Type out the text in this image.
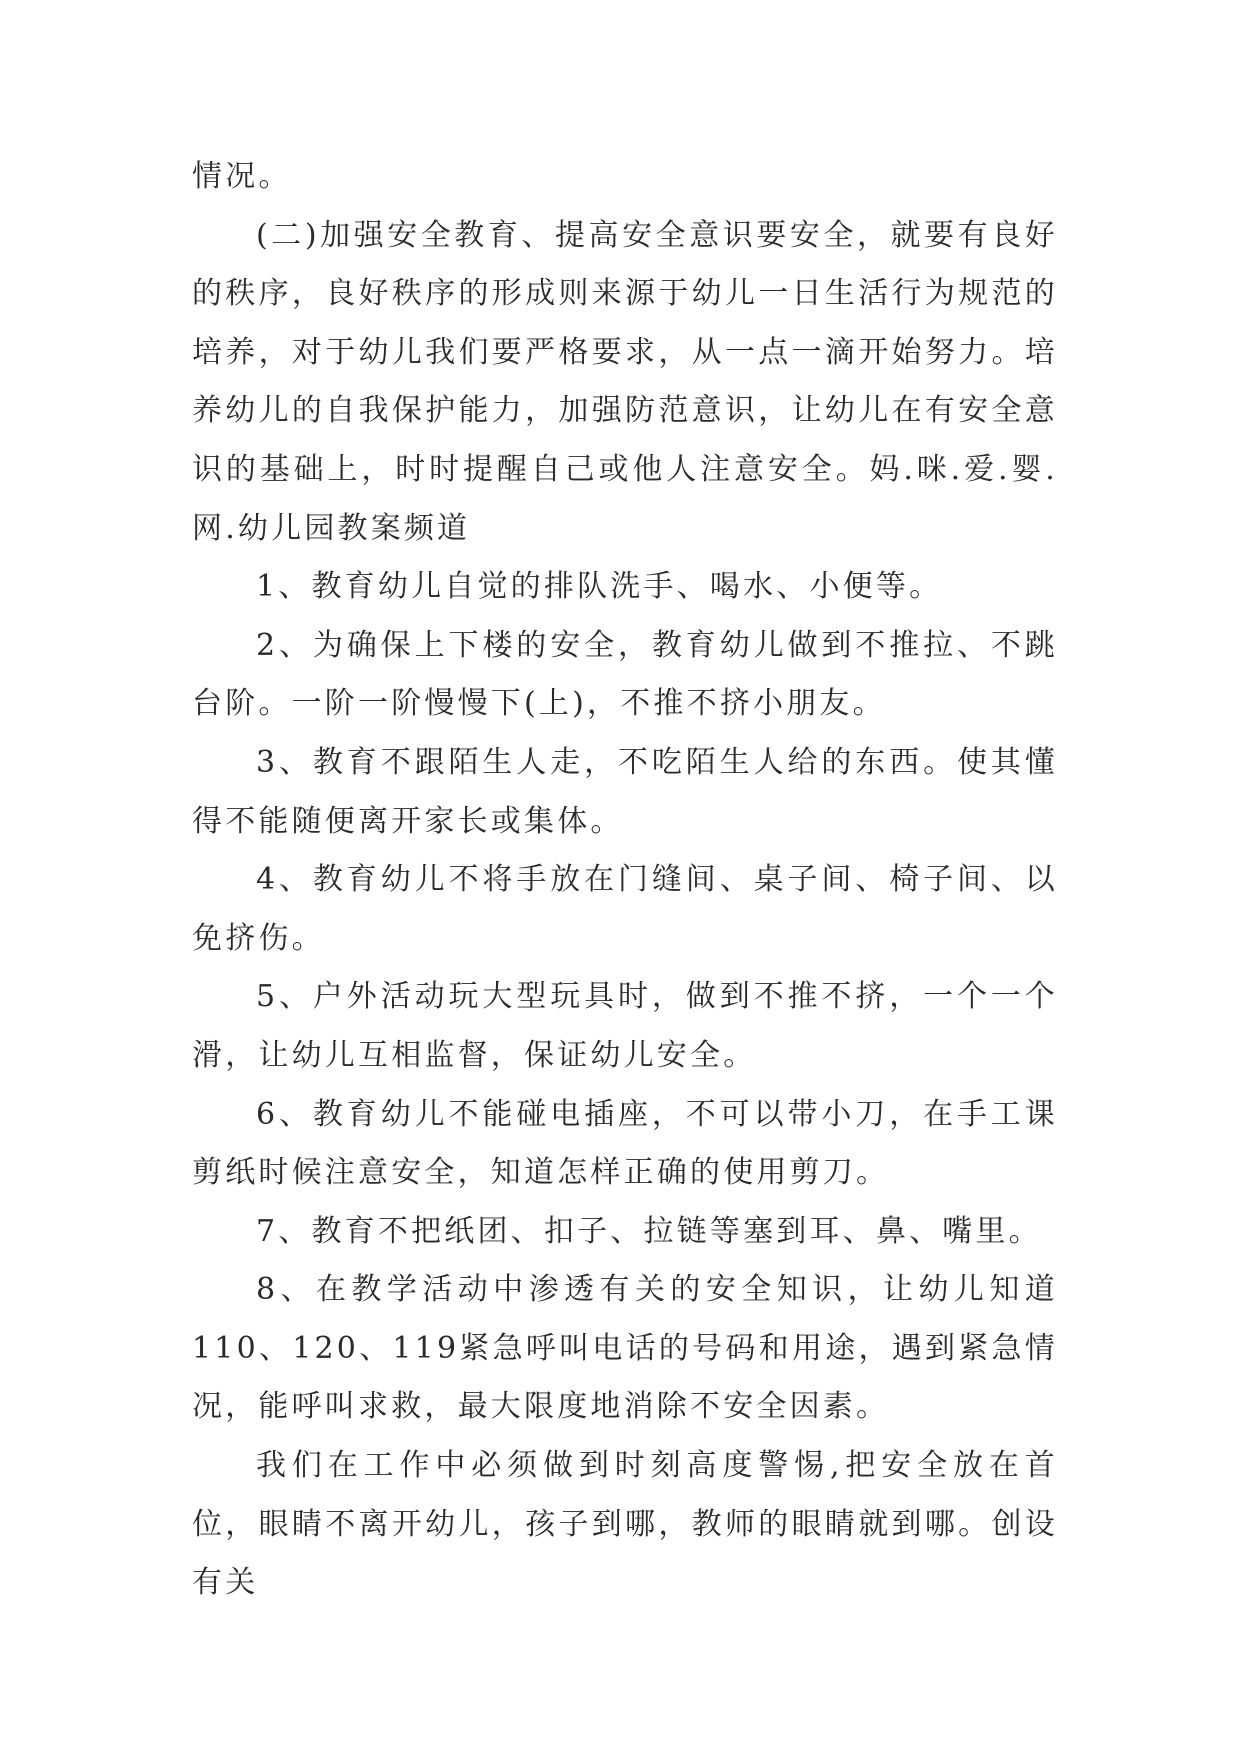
情况。

(二)加强安全教育、提高安全意识要安全，就要有良好的秩序，良好秩序的形成则来源于幼儿一日生活行为规范的培养，对于幼儿我们要严格要求，从一点一滴开始努力。培养幼儿的自我保护能力，加强防范意识，让幼儿在有安全意识的基础上，时时提醒自己或他人注意安全。妈.咪.爱.婴.网.幼儿园教案频道

1、教育幼儿自觉的排队洗手、喝水、小便等。

2、为确保上下楼的安全，教育幼儿做到不推拉、不跳台阶。一阶一阶慢慢下(上)，不推不挤小朋友。

3、教育不跟陌生人走，不吃陌生人给的东西。使其懂得不能随便离开家长或集体。

4、教育幼儿不将手放在门缝间、桌子间、椅子间、以免挤伤。

5、户外活动玩大型玩具时，做到不推不挤，一个一个滑，让幼儿互相监督，保证幼儿安全。

6、教育幼儿不能碰电插座，不可以带小刀，在手工课剪纸时候注意安全，知道怎样正确的使用剪刀。

7、教育不把纸团、扣子、拉链等塞到耳、鼻、嘴里。

8、在教学活动中渗透有关的安全知识，让幼儿知道110、120、119紧急呼叫电话的号码和用途，遇到紧急情况，能呼叫求救，最大限度地消除不安全因素。

我们在工作中必须做到时刻高度警惕,把安全放在首位，眼睛不离开幼儿，孩子到哪，教师的眼睛就到哪。创设有关
